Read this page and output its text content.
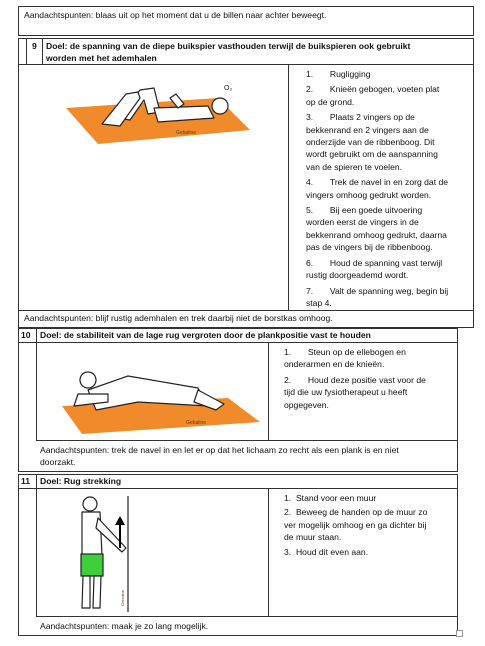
Aandachtspunten: blaas uit op het moment dat u de billen naar achter beweegt.
9 Doel: de spanning van de diepe buikspier vasthouden terwijl de buikspieren ook gebruikt
worden met het ademhalen
Aandachtspunten: blijf rustig ademhalen en trek daarbij niet de borstkas omhoog.
O₂
Gebaline
1. Rugligging
2. Knieën gebogen, voeten plat
op de grond.
3. Plaats 2 vingers op de
bekkenrand en 2 vingers aan de
onderzijde van de ribbenboog. Dit
wordt gebruikt om de aanspanning
van de spieren te voelen.
4. Trek de navel in en zorg dat de
vingers omhoog gedrukt worden.
5. Bij een goede uitvoering
worden eerst de vingers in de
bekkenrand omhoog gedrukt, daarna
pas de vingers bij de ribbenboog.
6. Houd de spanning vast terwijl
rustig doorgeademd wordt.
7. Valt de spanning weg, begin bij
stap 4.
10 Doel: de stabiliteit van de lage rug vergroten door de plankpositie vast te houden
Aandachtspunten: trek de navel in en let er op dat het lichaam zo recht als een plank is en niet
doorzakt.
Gebaline
1. Steun op de ellebogen en
onderarmen en de knieën.
2. Houd deze positie vast voor de
tijd die uw fysiotherapeut u heeft
opgegeven.
11 Doel: Rug strekking
Aandachtspunten: maak je zo lang mogelijk.
Gebaline
1. Stand voor een muur
2. Beweeg de handen op de muur zo
ver mogelijk omhoog en ga dichter bij
de muur staan.
3. Houd dit even aan.
